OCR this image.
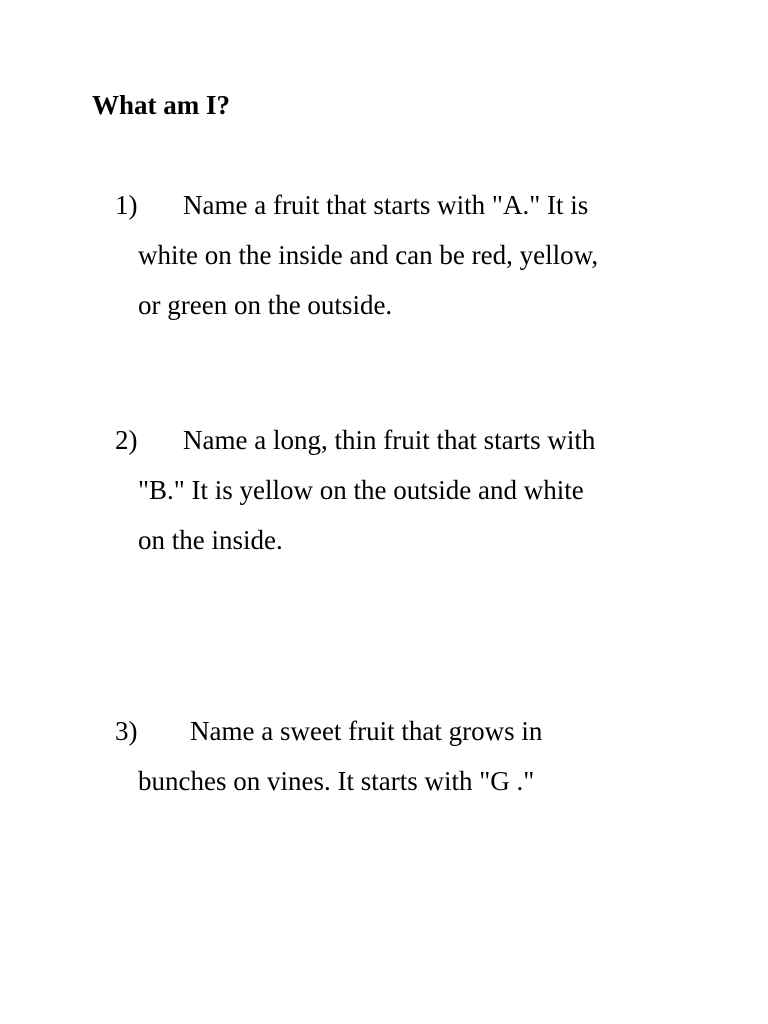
What am I?
1) Name a fruit that starts with "A." It is
white on the inside and can be red, yellow,
or green on the outside.
2) Name a long, thin fruit that starts with
"B." It is yellow on the outside and white
on the inside.
3) Name a sweet fruit that grows in
bunches on vines. It starts with "G ."
